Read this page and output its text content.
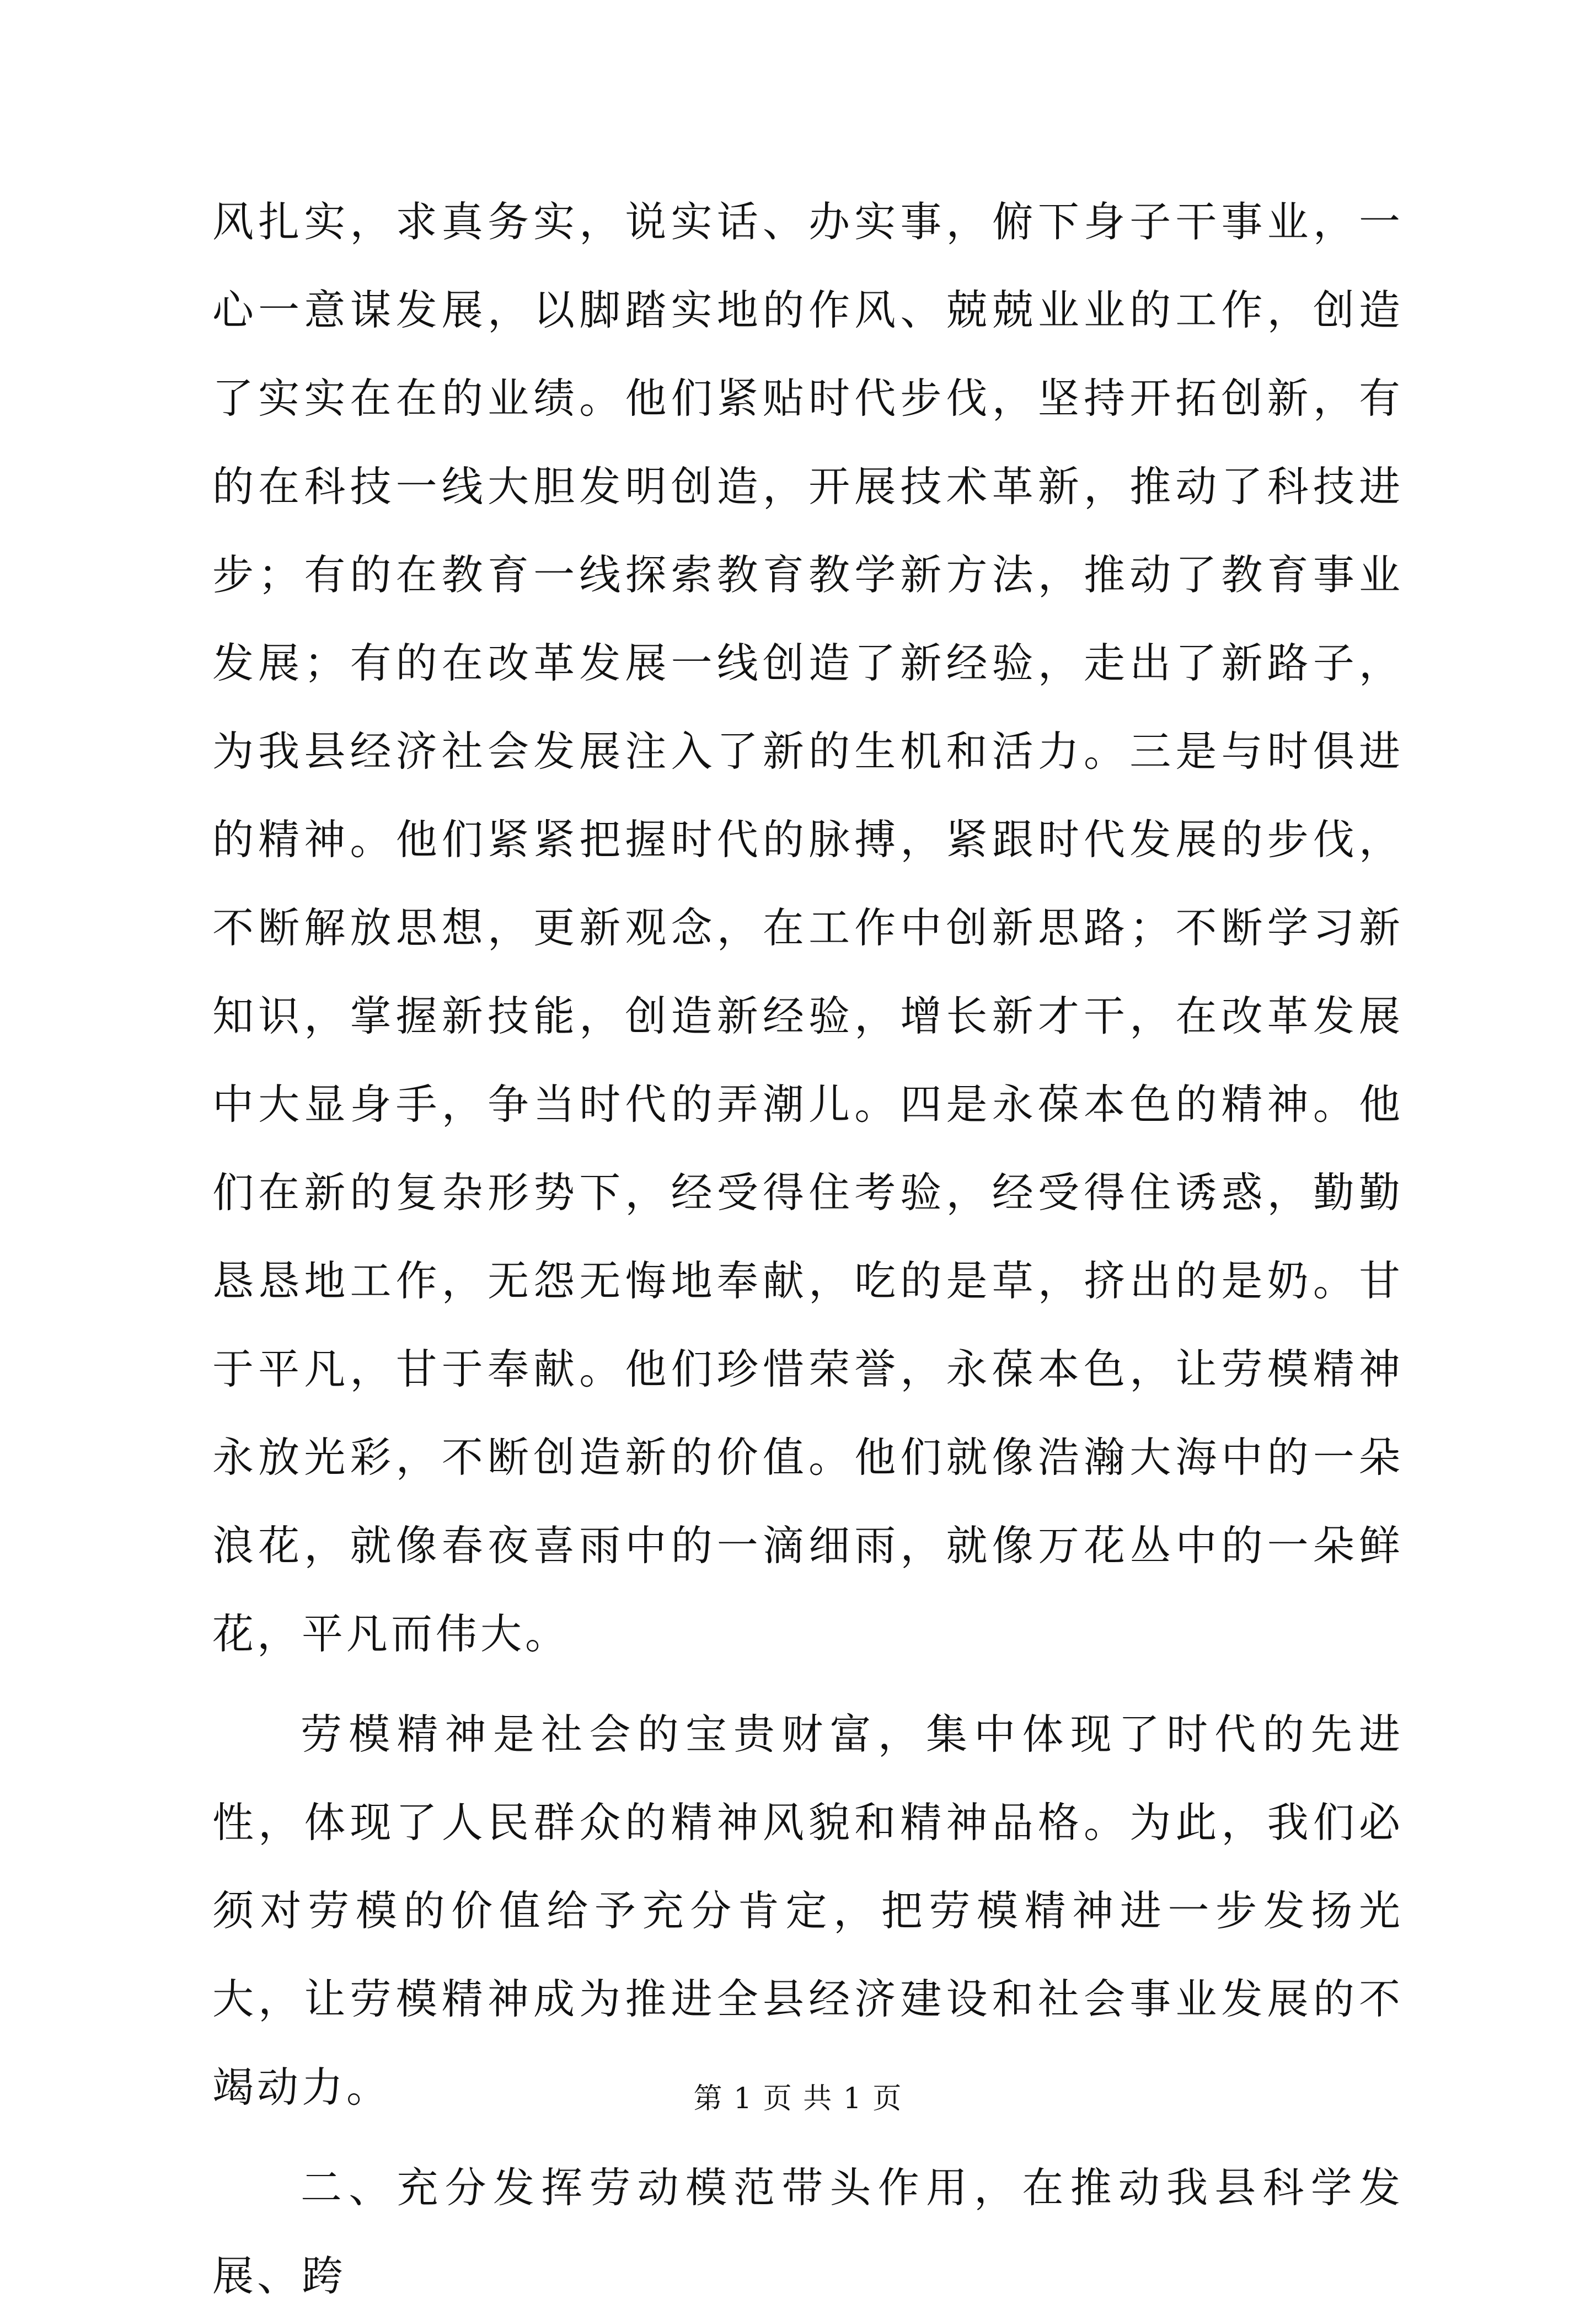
风扎实，求真务实，说实话、办实事，俯下身子干事业，一心一意谋发展，以脚踏实地的作风、兢兢业业的工作，创造了实实在在的业绩。他们紧贴时代步伐，坚持开拓创新，有的在科技一线大胆发明创造，开展技术革新，推动了科技进步；有的在教育一线探索教育教学新方法，推动了教育事业发展；有的在改革发展一线创造了新经验，走出了新路子，为我县经济社会发展注入了新的生机和活力。三是与时俱进的精神。他们紧紧把握时代的脉搏，紧跟时代发展的步伐，不断解放思想，更新观念，在工作中创新思路；不断学习新知识，掌握新技能，创造新经验，增长新才干，在改革发展中大显身手，争当时代的弄潮儿。四是永葆本色的精神。他们在新的复杂形势下，经受得住考验，经受得住诱惑，勤勤恳恳地工作，无怨无悔地奉献，吃的是草，挤出的是奶。甘于平凡，甘于奉献。他们珍惜荣誉，永葆本色，让劳模精神永放光彩，不断创造新的价值。他们就像浩瀚大海中的一朵浪花，就像春夜喜雨中的一滴细雨，就像万花丛中的一朵鲜花，平凡而伟大。

劳模精神是社会的宝贵财富，集中体现了时代的先进性，体现了人民群众的精神风貌和精神品格。为此，我们必须对劳模的价值给予充分肯定，把劳模精神进一步发扬光大，让劳模精神成为推进全县经济建设和社会事业发展的不竭动力。

二、充分发挥劳动模范带头作用，在推动我县科学发展、跨

第 1 页 共 1 页
